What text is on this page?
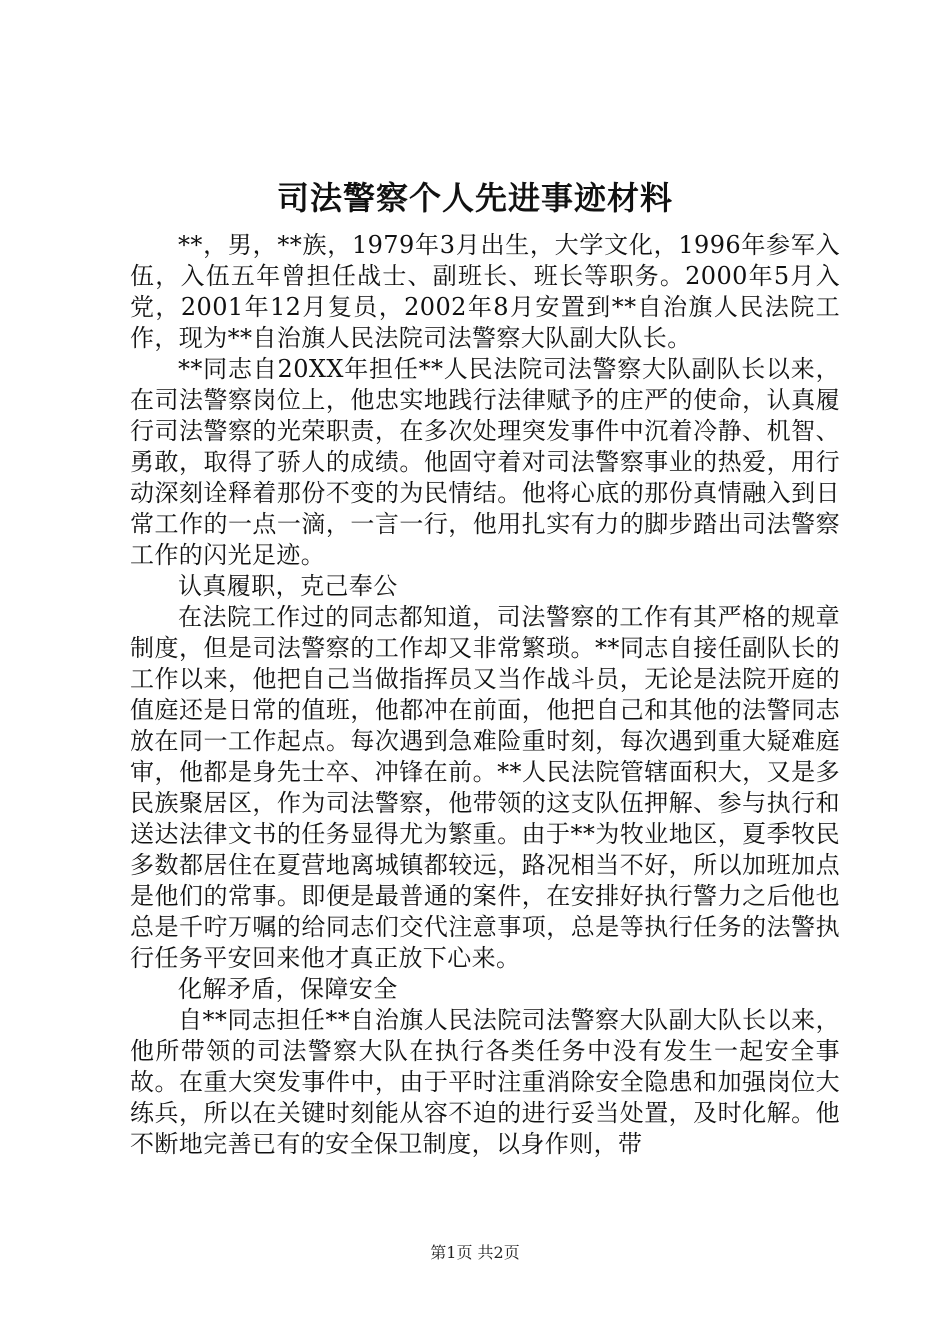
司法警察个人先进事迹材料

**，男，**族，1979年3月出生，大学文化，1996年参军入伍，入伍五年曾担任战士、副班长、班长等职务。2000年5月入党，2001年12月复员，2002年8月安置到**自治旗人民法院工作，现为**自治旗人民法院司法警察大队副大队长。

**同志自20XX年担任**人民法院司法警察大队副队长以来，在司法警察岗位上，他忠实地践行法律赋予的庄严的使命，认真履行司法警察的光荣职责，在多次处理突发事件中沉着冷静、机智、勇敢，取得了骄人的成绩。他固守着对司法警察事业的热爱，用行动深刻诠释着那份不变的为民情结。他将心底的那份真情融入到日常工作的一点一滴，一言一行，他用扎实有力的脚步踏出司法警察工作的闪光足迹。

认真履职，克己奉公

在法院工作过的同志都知道，司法警察的工作有其严格的规章制度，但是司法警察的工作却又非常繁琐。**同志自接任副队长的工作以来，他把自己当做指挥员又当作战斗员，无论是法院开庭的值庭还是日常的值班，他都冲在前面，他把自己和其他的法警同志放在同一工作起点。每次遇到急难险重时刻，每次遇到重大疑难庭审，他都是身先士卒、冲锋在前。**人民法院管辖面积大，又是多民族聚居区，作为司法警察，他带领的这支队伍押解、参与执行和送达法律文书的任务显得尤为繁重。由于**为牧业地区，夏季牧民多数都居住在夏营地离城镇都较远，路况相当不好，所以加班加点是他们的常事。即便是最普通的案件，在安排好执行警力之后他也总是千咛万嘱的给同志们交代注意事项，总是等执行任务的法警执行任务平安回来他才真正放下心来。

化解矛盾，保障安全

自**同志担任**自治旗人民法院司法警察大队副大队长以来，他所带领的司法警察大队在执行各类任务中没有发生一起安全事故。在重大突发事件中，由于平时注重消除安全隐患和加强岗位大练兵，所以在关键时刻能从容不迫的进行妥当处置，及时化解。他不断地完善已有的安全保卫制度，以身作则，带

第1页 共2页
